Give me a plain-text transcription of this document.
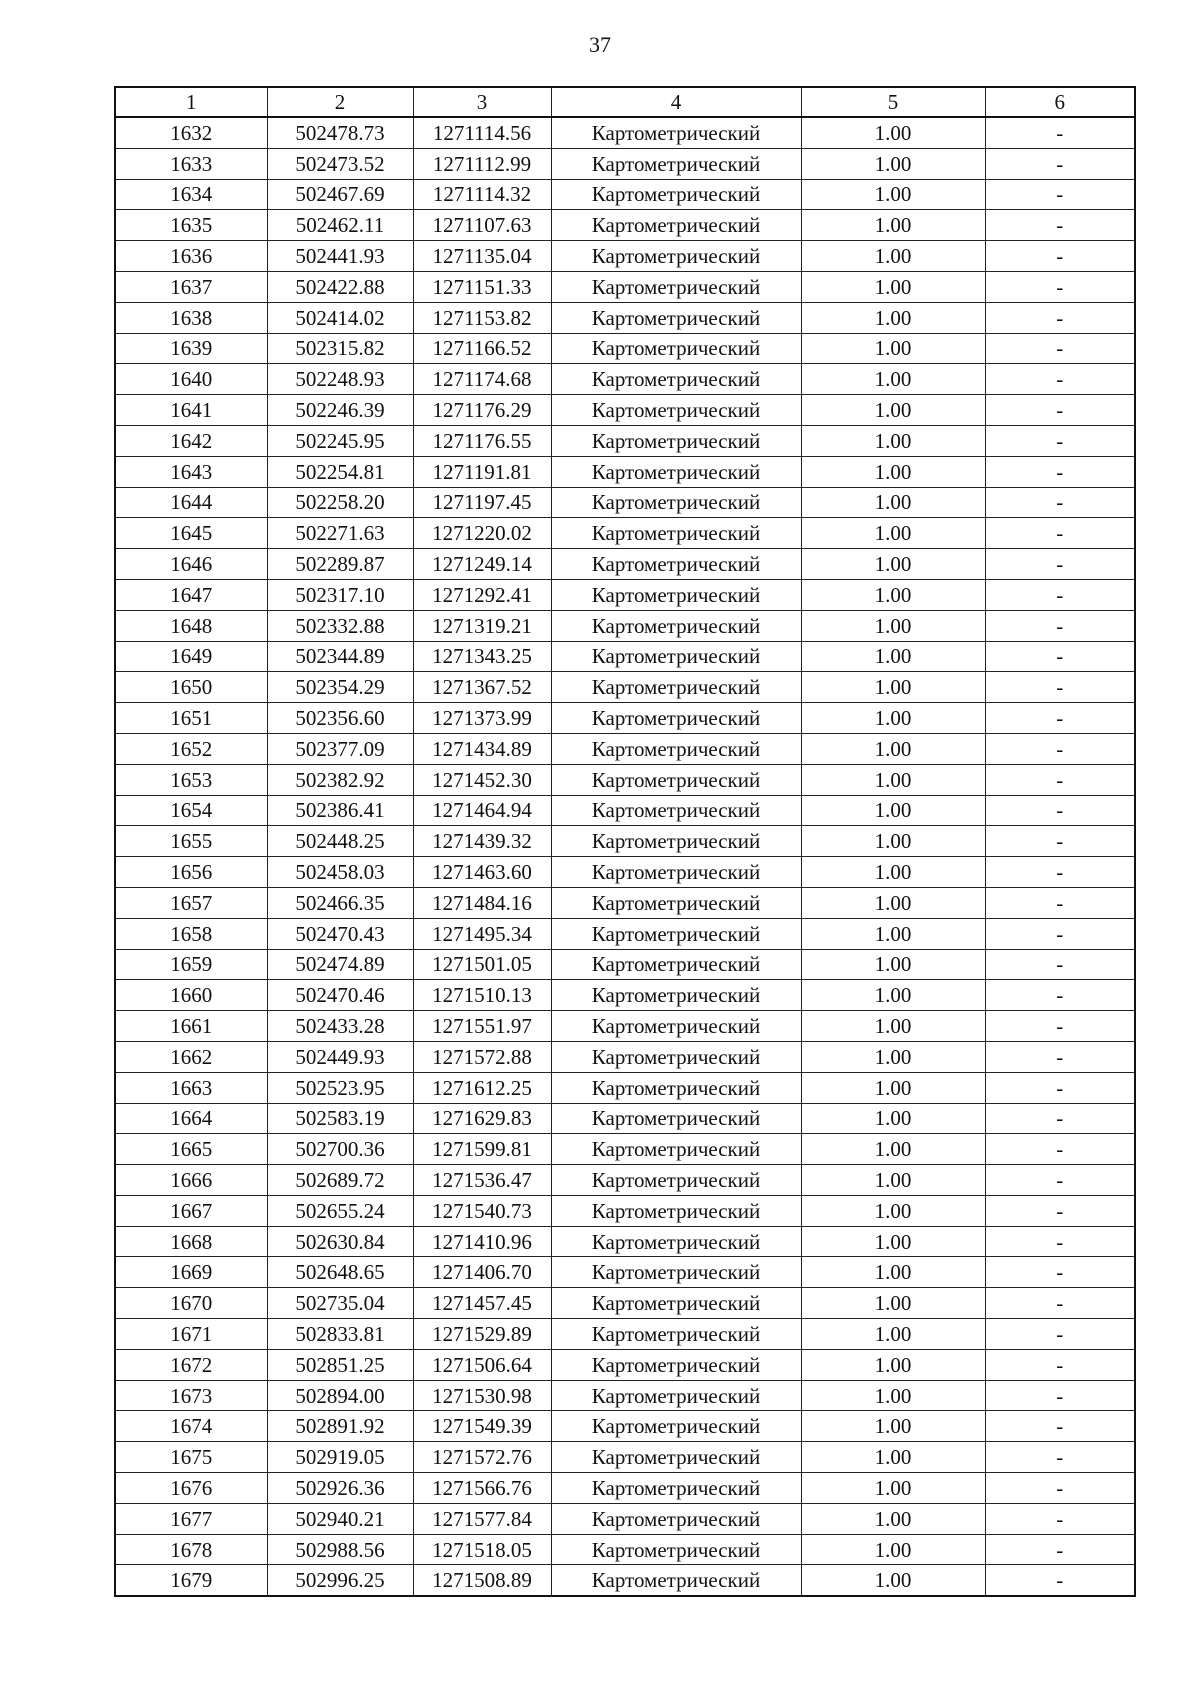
37
1	2	3	4	5	6
1632	502478.73	1271114.56	Картометрический	1.00	-
1633	502473.52	1271112.99	Картометрический	1.00	-
1634	502467.69	1271114.32	Картометрический	1.00	-
1635	502462.11	1271107.63	Картометрический	1.00	-
1636	502441.93	1271135.04	Картометрический	1.00	-
1637	502422.88	1271151.33	Картометрический	1.00	-
1638	502414.02	1271153.82	Картометрический	1.00	-
1639	502315.82	1271166.52	Картометрический	1.00	-
1640	502248.93	1271174.68	Картометрический	1.00	-
1641	502246.39	1271176.29	Картометрический	1.00	-
1642	502245.95	1271176.55	Картометрический	1.00	-
1643	502254.81	1271191.81	Картометрический	1.00	-
1644	502258.20	1271197.45	Картометрический	1.00	-
1645	502271.63	1271220.02	Картометрический	1.00	-
1646	502289.87	1271249.14	Картометрический	1.00	-
1647	502317.10	1271292.41	Картометрический	1.00	-
1648	502332.88	1271319.21	Картометрический	1.00	-
1649	502344.89	1271343.25	Картометрический	1.00	-
1650	502354.29	1271367.52	Картометрический	1.00	-
1651	502356.60	1271373.99	Картометрический	1.00	-
1652	502377.09	1271434.89	Картометрический	1.00	-
1653	502382.92	1271452.30	Картометрический	1.00	-
1654	502386.41	1271464.94	Картометрический	1.00	-
1655	502448.25	1271439.32	Картометрический	1.00	-
1656	502458.03	1271463.60	Картометрический	1.00	-
1657	502466.35	1271484.16	Картометрический	1.00	-
1658	502470.43	1271495.34	Картометрический	1.00	-
1659	502474.89	1271501.05	Картометрический	1.00	-
1660	502470.46	1271510.13	Картометрический	1.00	-
1661	502433.28	1271551.97	Картометрический	1.00	-
1662	502449.93	1271572.88	Картометрический	1.00	-
1663	502523.95	1271612.25	Картометрический	1.00	-
1664	502583.19	1271629.83	Картометрический	1.00	-
1665	502700.36	1271599.81	Картометрический	1.00	-
1666	502689.72	1271536.47	Картометрический	1.00	-
1667	502655.24	1271540.73	Картометрический	1.00	-
1668	502630.84	1271410.96	Картометрический	1.00	-
1669	502648.65	1271406.70	Картометрический	1.00	-
1670	502735.04	1271457.45	Картометрический	1.00	-
1671	502833.81	1271529.89	Картометрический	1.00	-
1672	502851.25	1271506.64	Картометрический	1.00	-
1673	502894.00	1271530.98	Картометрический	1.00	-
1674	502891.92	1271549.39	Картометрический	1.00	-
1675	502919.05	1271572.76	Картометрический	1.00	-
1676	502926.36	1271566.76	Картометрический	1.00	-
1677	502940.21	1271577.84	Картометрический	1.00	-
1678	502988.56	1271518.05	Картометрический	1.00	-
1679	502996.25	1271508.89	Картометрический	1.00	-
